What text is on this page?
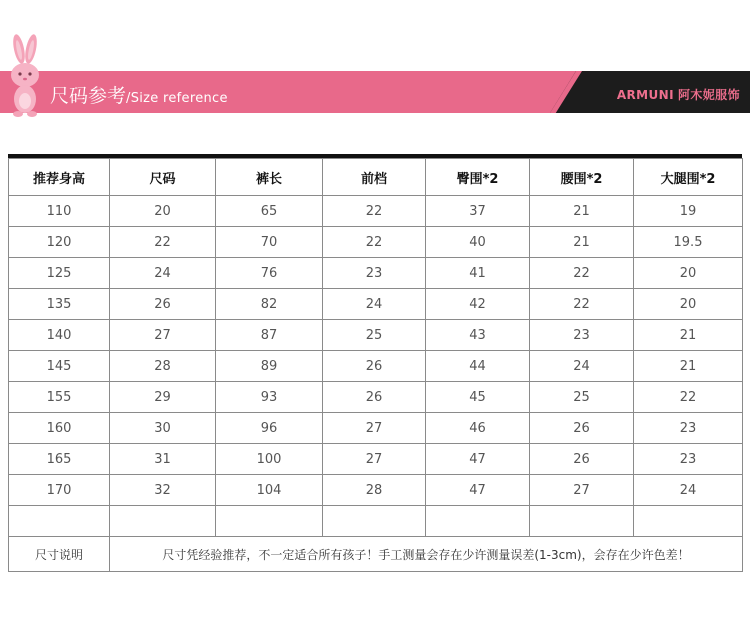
尺码参考/Size reference	ARMUNI 阿木妮服饰
推荐身高	尺码	裤长	前档	臀围*2	腰围*2	大腿围*2
110	20	65	22	37	21	19
120	22	70	22	40	21	19.5
125	24	76	23	41	22	20
135	26	82	24	42	22	20
140	27	87	25	43	23	21
145	28	89	26	44	24	21
155	29	93	26	45	25	22
160	30	96	27	46	26	23
165	31	100	27	47	26	23
170	32	104	28	47	27	24

尺寸说明	尺寸凭经验推荐，不一定适合所有孩子！手工测量会存在少许测量误差(1-3cm)，会存在少许色差！					
